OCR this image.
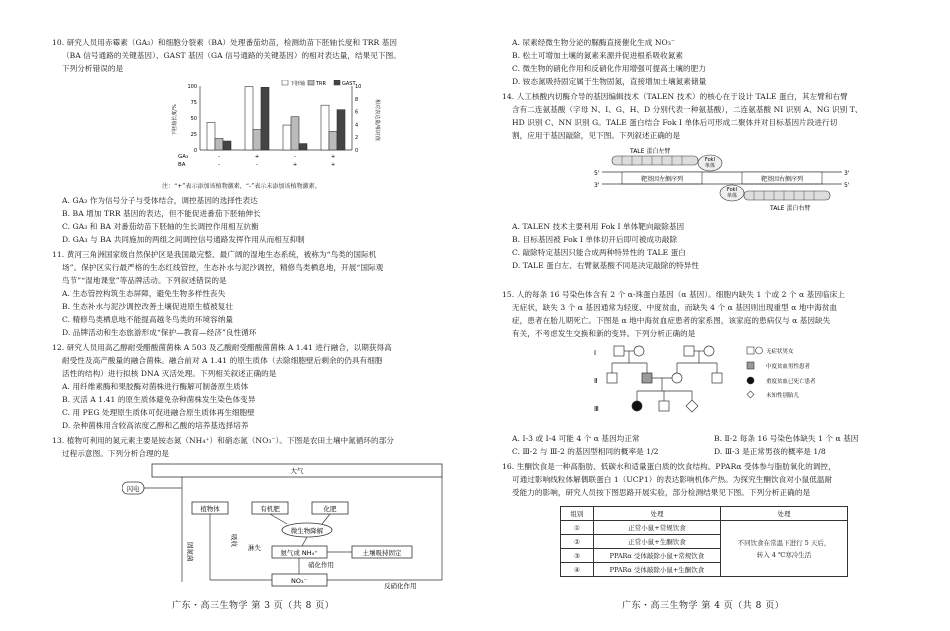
10. 研究人员用赤霉素（GA₃）和细胞分裂素（BA）处理番茄幼苗，检测幼苗下胚轴长度和 TRR 基因
（BA 信号通路的关键基因）、GAST 基因（GA 信号通路的关键基因）的相对表达量，结果见下图。
下列分析错误的是
0
25
50
75
100
0
2
4
6
8
10
下胚轴长度/%	相对表达量/相对值
-
-
+
-
-
+
+
+
GA₃
BA
下胚轴 TRR	GAST
注：“+”表示添加该植物激素，“-”表示未添加该植物激素。
A. GA₃ 作为信号分子与受体结合，调控基因的选择性表达
B. BA 增加 TRR 基因的表达，但不能促进番茄下胚轴伸长
C. GA₃ 和 BA 对番茄幼苗下胚轴的生长调控作用相互抗衡
D. GA₃ 与 BA 共同施加的两组之间调控信号通路发挥作用从而相互抑制
11. 黄河三角洲国家级自然保护区是我国最完整、最广阔的湿地生态系统，被称为“鸟类的国际机
场”。保护区实行最严格的生态红线管控，生态补水与泥沙调控，精修鸟类栖息地，开展“国际观
鸟节”“湿地课堂”等品牌活动。下列叙述错误的是
A. 生态管控构筑生态屏障，避免生物多样性丧失
B. 生态补水与泥沙调控改善土壤促进原生植被复壮
C. 精修鸟类栖息地不能提高越冬鸟类的环境容纳量
D. 品牌活动和生态旅游形成“保护—教育—经济”良性循环
12. 研究人员用高乙醇耐受醋酸菌菌株 A 503 及乙酸耐受醋酸菌菌株 A 1.41 进行融合，以期获得高
耐受性及高产酸量的融合菌株。融合前对 A 1.41 的原生质体（去除细胞壁后剩余的仍具有细胞
活性的结构）进行拟核 DNA 灭活处理。下列相关叙述正确的是
A. 用纤维素酶和果胶酶对菌株进行酶解可制备原生质体
B. 灭活 A 1.41 的原生质体避免杂种菌株发生染色体变异
C. 用 PEG 处理原生质体可促进融合原生质体再生细胞壁
D. 杂种菌株用含较高浓度乙醇和乙酸的培养基选择培养
13. 植物可利用的氮元素主要是铵态氮（NH₄⁺）和硝态氮（NO₃⁻）。下图是农田土壤中氮循环的部分
过程示意图。下列分析合理的是
大气
闪电
植物体	有机肥	化肥
微生物降解
氨气或 NH₄⁺	土壤吸持固定
硝化作用
NO₃⁻
反硝化作用
固氮菌
吸收
淋失
广东・高三生物学 第 3 页（共 8 页）
A. 尿素经微生物分泌的脲酶直接催化生成 NO₃⁻
B. 松土可增加土壤的氮素来源并促进根系吸收氮素
C. 微生物的硝化作用和反硝化作用增强可提高土壤的肥力
D. 铵态氮吸持固定属于生物固氮，直接增加土壤氮素储量
14. 人工核酸内切酶介导的基因编辑技术（TALEN 技术）的核心在于设计 TALE 蛋白，其左臂和右臂
含有二连氨基酸（字母 N、I、G、H、D 分别代表一种氨基酸），二连氨基酸 NI 识别 A、NG 识别 T、
HD 识别 C、NN 识别 G。TALE 蛋白结合 Fok Ⅰ 单体后可形成二聚体并对目标基因片段进行切
割，应用于基因敲除，见下图。下列叙述正确的是
TALE 蛋白左臂
FokⅠ
单体
5'	3'
靶基因左侧序列	靶基因右侧序列
3'	5'
FokⅠ
单体
TALE 蛋白右臂
A. TALEN 技术主要利用 Fok Ⅰ 单体靶向敲除基因
B. 目标基因被 Fok Ⅰ 单体切开后即可被成功敲除
C. 敲除特定基因只能合成两种特异性的 TALE 蛋白
D. TALE 蛋白左、右臂氨基酸不同是决定敲除的特异性
15. 人的每条 16 号染色体含有 2 个 α-珠蛋白基因（α 基因）。细胞内缺失 1 个或 2 个 α 基因临床上
无症状，缺失 3 个 α 基因通常为轻度、中度贫血，而缺失 4 个 α 基因则出现重型 α 地中海贫血
症，患者在胎儿期死亡。下图是 α 地中海贫血症患者的家系图，该家庭的患病仅与 α 基因缺失
有关，不考虑发生交换和新的变异。下列分析正确的是
Ⅰ
Ⅱ
Ⅲ
无症状男女
中度贫血男性患者
重度贫血已死亡患者
未知性别胎儿
A. Ⅰ-3 或 Ⅰ-4 可能 4 个 α 基因均正常	B. Ⅱ-2 每条 16 号染色体缺失 1 个 α 基因
C. Ⅲ-2 与 Ⅲ-2 的基因型相同的概率是 1/2	D. Ⅲ-3 是正常男孩的概率是 1/8
16. 生酮饮食是一种高脂肪、低碳水和适量蛋白质的饮食结构。PPARα 受体参与脂肪氧化的调控，
可通过影响线粒体解偶联蛋白 1（UCP1）的表达影响机体产热。为探究生酮饮食对小鼠低温耐
受能力的影响，研究人员按下图思路开展实验，部分检测结果见下图。下列分析正确的是
组别	处理	处理
①	正常小鼠+常规饮食	不同饮食在常温下进行 5 天后，
转入 4 ℃寒冷生活

②	正常小鼠+生酮饮食	
③	PPARα 受体敲除小鼠+常规饮食	
④	PPARα 受体敲除小鼠+生酮饮食	
广东・高三生物学 第 4 页（共 8 页）
